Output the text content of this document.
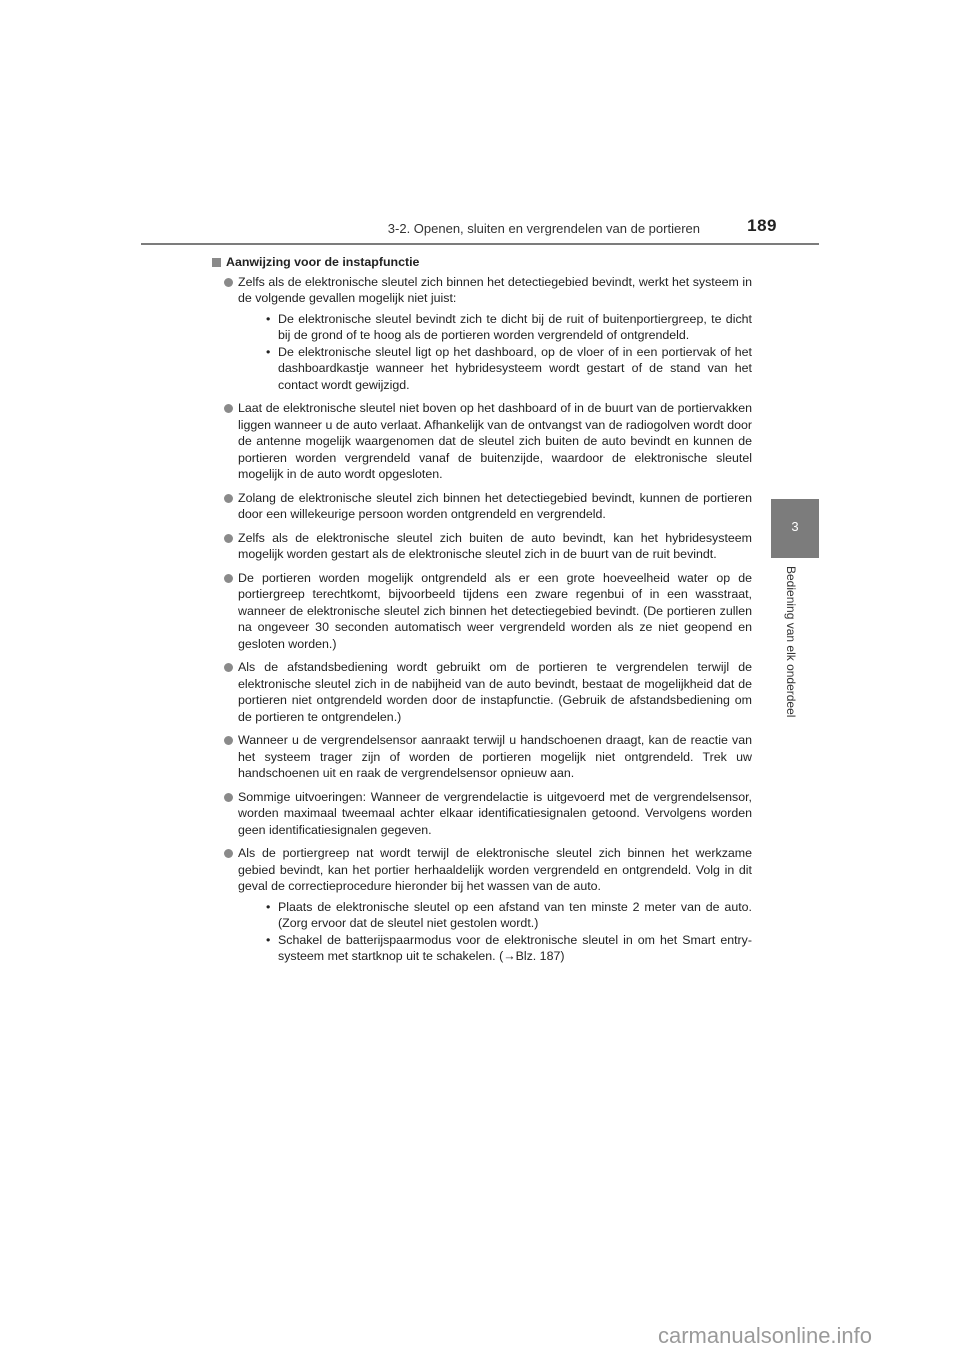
3-2. Openen, sluiten en vergrendelen van de portieren	189
3
Bediening van elk onderdeel
Aanwijzing voor de instapfunctie
Zelfs als de elektronische sleutel zich binnen het detectiegebied bevindt, werkt het systeem in de volgende gevallen mogelijk niet juist:
• De elektronische sleutel bevindt zich te dicht bij de ruit of buitenportiergreep, te dicht bij de grond of te hoog als de portieren worden vergrendeld of ontgrendeld.
• De elektronische sleutel ligt op het dashboard, op de vloer of in een portiervak of het dashboardkastje wanneer het hybridesysteem wordt gestart of de stand van het contact wordt gewijzigd.
Laat de elektronische sleutel niet boven op het dashboard of in de buurt van de portiervakken liggen wanneer u de auto verlaat. Afhankelijk van de ontvangst van de radiogolven wordt door de antenne mogelijk waargenomen dat de sleutel zich buiten de auto bevindt en kunnen de portieren worden vergrendeld vanaf de buitenzijde, waardoor de elektronische sleutel mogelijk in de auto wordt opgesloten.
Zolang de elektronische sleutel zich binnen het detectiegebied bevindt, kunnen de portieren door een willekeurige persoon worden ontgrendeld en vergrendeld.
Zelfs als de elektronische sleutel zich buiten de auto bevindt, kan het hybridesysteem mogelijk worden gestart als de elektronische sleutel zich in de buurt van de ruit bevindt.
De portieren worden mogelijk ontgrendeld als er een grote hoeveelheid water op de portiergreep terechtkomt, bijvoorbeeld tijdens een zware regenbui of in een wasstraat, wanneer de elektronische sleutel zich binnen het detectiegebied bevindt. (De portieren zullen na ongeveer 30 seconden automatisch weer vergrendeld worden als ze niet geopend en gesloten worden.)
Als de afstandsbediening wordt gebruikt om de portieren te vergrendelen terwijl de elektronische sleutel zich in de nabijheid van de auto bevindt, bestaat de mogelijkheid dat de portieren niet ontgrendeld worden door de instapfunctie. (Gebruik de afstandsbediening om de portieren te ontgrendelen.)
Wanneer u de vergrendelsensor aanraakt terwijl u handschoenen draagt, kan de reactie van het systeem trager zijn of worden de portieren mogelijk niet ontgrendeld. Trek uw handschoenen uit en raak de vergrendelsensor opnieuw aan.
Sommige uitvoeringen: Wanneer de vergrendelactie is uitgevoerd met de vergrendelsensor, worden maximaal tweemaal achter elkaar identificatiesignalen getoond. Vervolgens worden geen identificatiesignalen gegeven.
Als de portiergreep nat wordt terwijl de elektronische sleutel zich binnen het werkzame gebied bevindt, kan het portier herhaaldelijk worden vergrendeld en ontgrendeld. Volg in dit geval de correctieprocedure hieronder bij het wassen van de auto.
• Plaats de elektronische sleutel op een afstand van ten minste 2 meter van de auto. (Zorg ervoor dat de sleutel niet gestolen wordt.)
• Schakel de batterijspaarmodus voor de elektronische sleutel in om het Smart entry-systeem met startknop uit te schakelen. (→Blz. 187)
carmanualsonline.info
